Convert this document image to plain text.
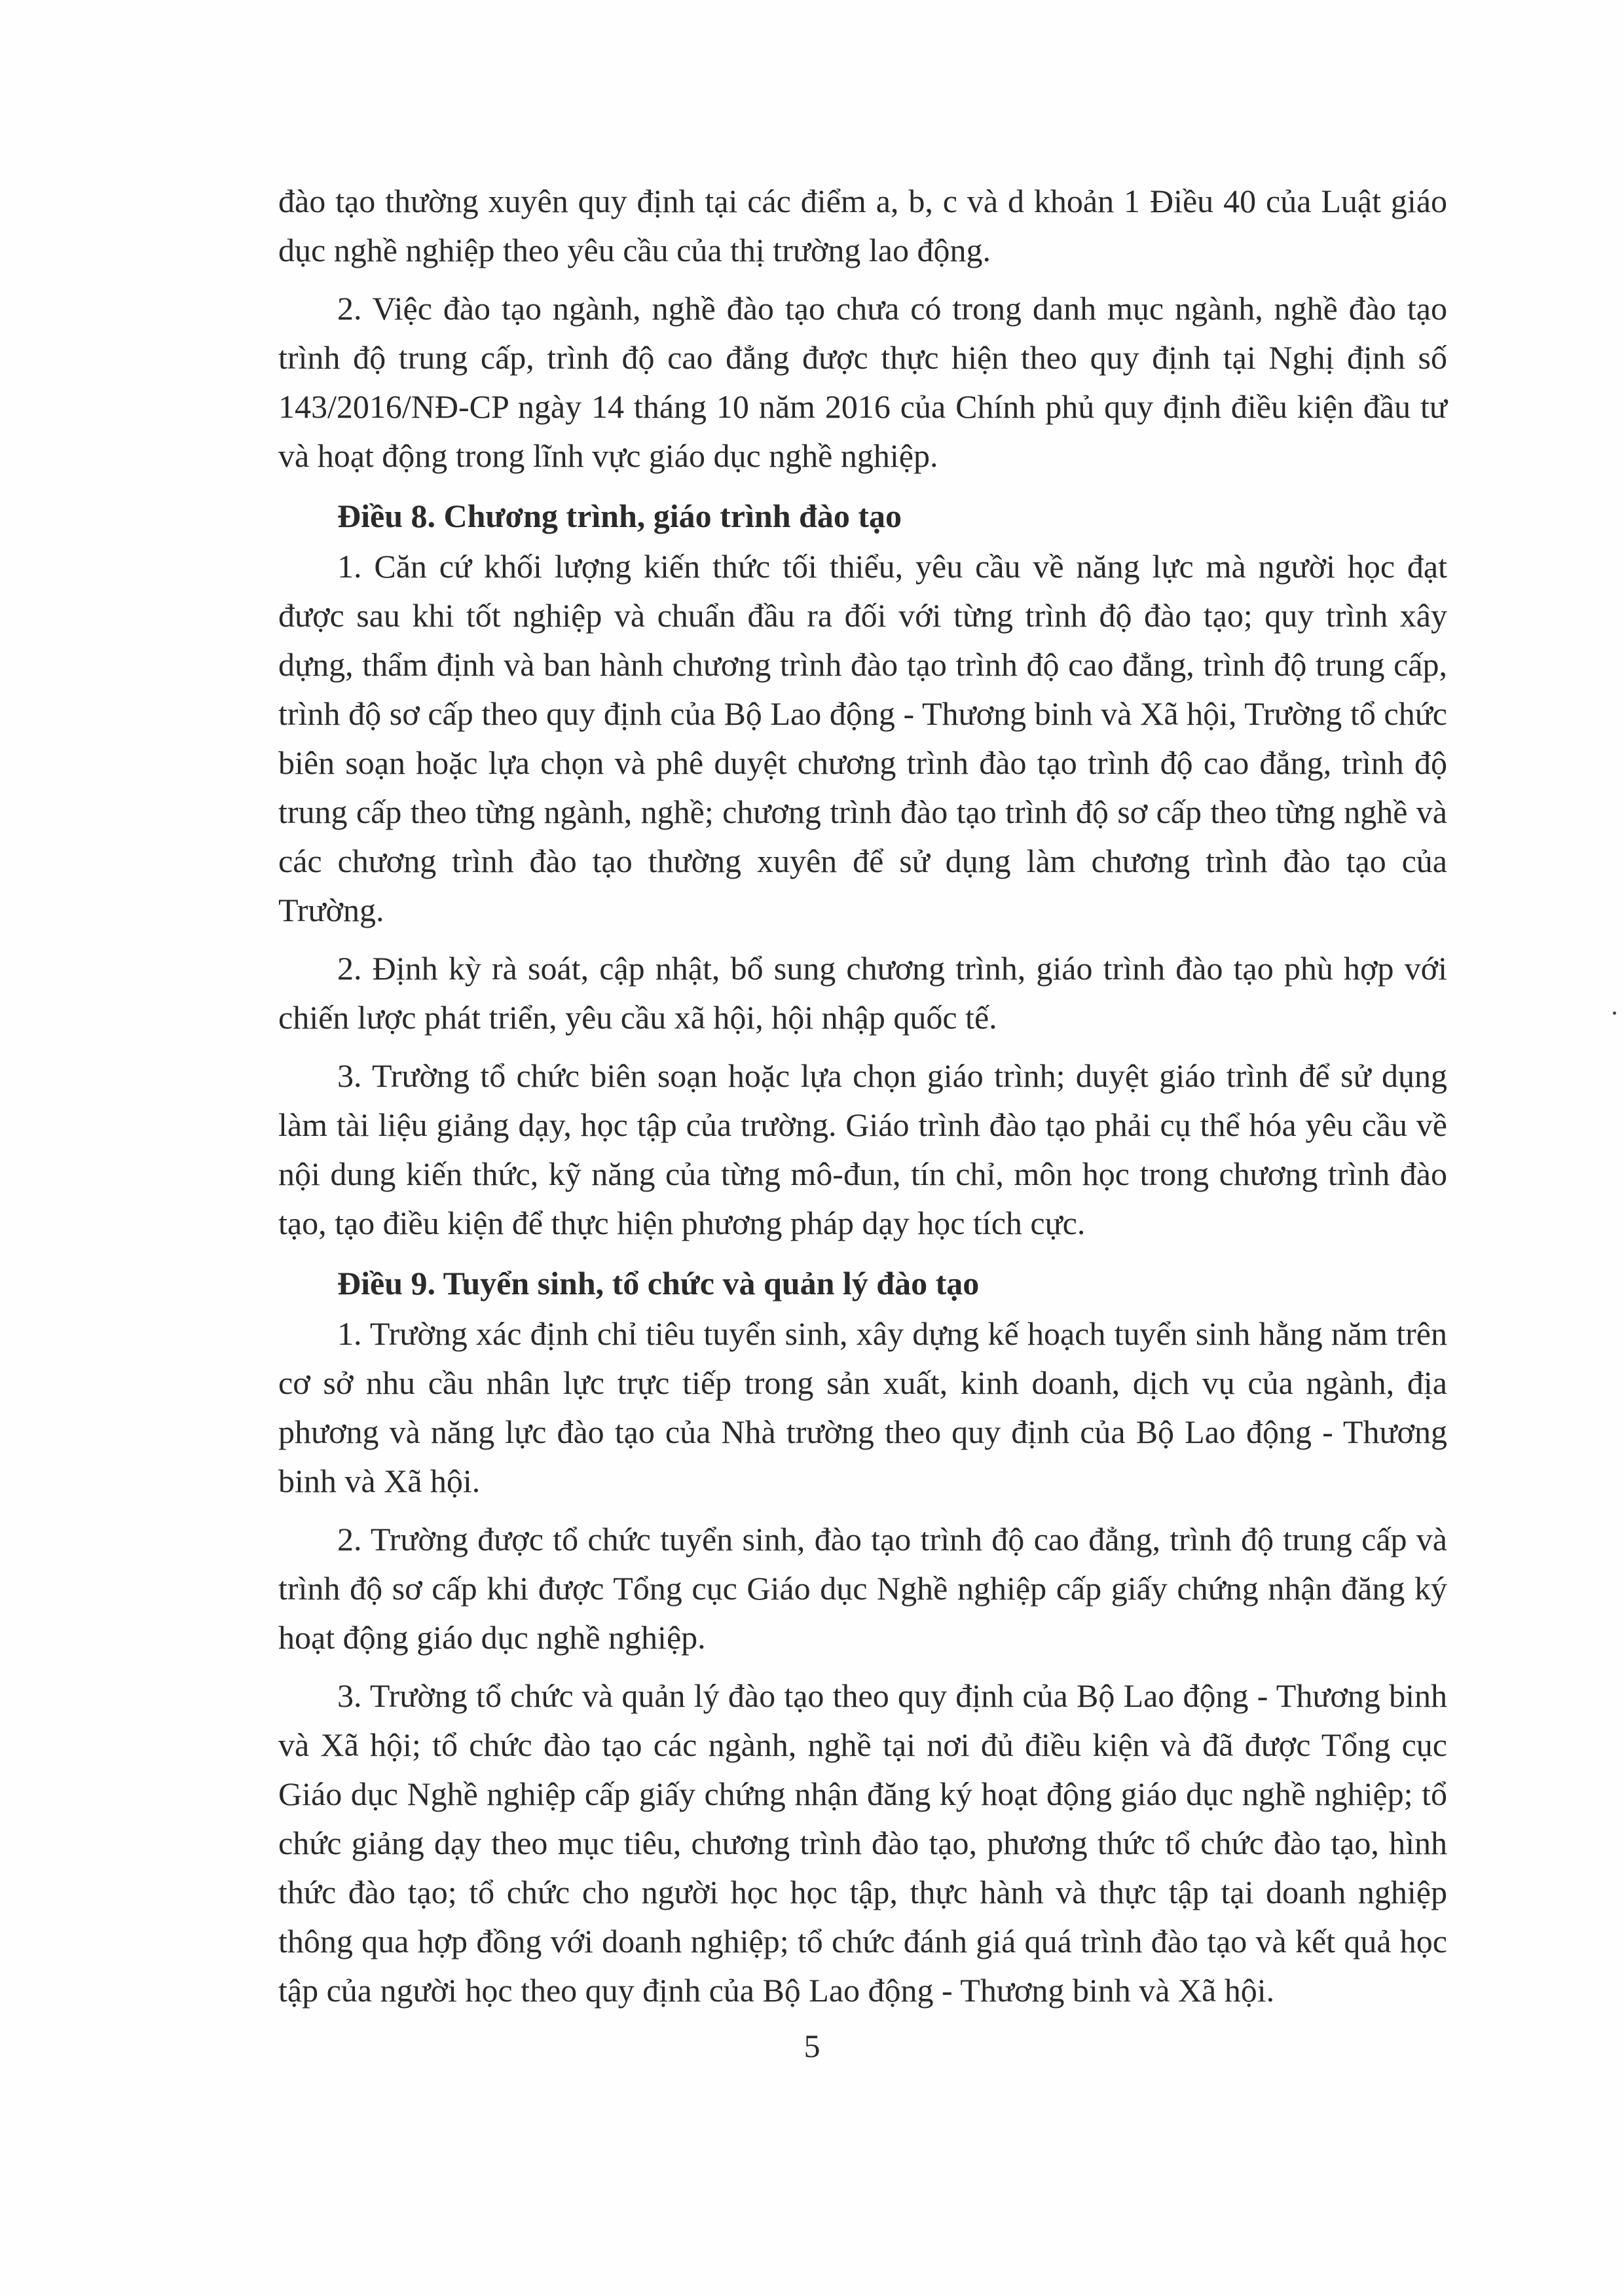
đào tạo thường xuyên quy định tại các điểm a, b, c và d khoản 1 Điều 40 của Luật giáo dục nghề nghiệp theo yêu cầu của thị trường lao động.

2. Việc đào tạo ngành, nghề đào tạo chưa có trong danh mục ngành, nghề đào tạo trình độ trung cấp, trình độ cao đẳng được thực hiện theo quy định tại Nghị định số 143/2016/NĐ-CP ngày 14 tháng 10 năm 2016 của Chính phủ quy định điều kiện đầu tư và hoạt động trong lĩnh vực giáo dục nghề nghiệp.

Điều 8. Chương trình, giáo trình đào tạo

1. Căn cứ khối lượng kiến thức tối thiểu, yêu cầu về năng lực mà người học đạt được sau khi tốt nghiệp và chuẩn đầu ra đối với từng trình độ đào tạo; quy trình xây dựng, thẩm định và ban hành chương trình đào tạo trình độ cao đẳng, trình độ trung cấp, trình độ sơ cấp theo quy định của Bộ Lao động - Thương binh và Xã hội, Trường tổ chức biên soạn hoặc lựa chọn và phê duyệt chương trình đào tạo trình độ cao đẳng, trình độ trung cấp theo từng ngành, nghề; chương trình đào tạo trình độ sơ cấp theo từng nghề và các chương trình đào tạo thường xuyên để sử dụng làm chương trình đào tạo của Trường.

2. Định kỳ rà soát, cập nhật, bổ sung chương trình, giáo trình đào tạo phù hợp với chiến lược phát triển, yêu cầu xã hội, hội nhập quốc tế.

3. Trường tổ chức biên soạn hoặc lựa chọn giáo trình; duyệt giáo trình để sử dụng làm tài liệu giảng dạy, học tập của trường. Giáo trình đào tạo phải cụ thể hóa yêu cầu về nội dung kiến thức, kỹ năng của từng mô-đun, tín chỉ, môn học trong chương trình đào tạo, tạo điều kiện để thực hiện phương pháp dạy học tích cực.

Điều 9. Tuyển sinh, tổ chức và quản lý đào tạo

1. Trường xác định chỉ tiêu tuyển sinh, xây dựng kế hoạch tuyển sinh hằng năm trên cơ sở nhu cầu nhân lực trực tiếp trong sản xuất, kinh doanh, dịch vụ của ngành, địa phương và năng lực đào tạo của Nhà trường theo quy định của Bộ Lao động - Thương binh và Xã hội.

2. Trường được tổ chức tuyển sinh, đào tạo trình độ cao đẳng, trình độ trung cấp và trình độ sơ cấp khi được Tổng cục Giáo dục Nghề nghiệp cấp giấy chứng nhận đăng ký hoạt động giáo dục nghề nghiệp.

3. Trường tổ chức và quản lý đào tạo theo quy định của Bộ Lao động - Thương binh và Xã hội; tổ chức đào tạo các ngành, nghề tại nơi đủ điều kiện và đã được Tổng cục Giáo dục Nghề nghiệp cấp giấy chứng nhận đăng ký hoạt động giáo dục nghề nghiệp; tổ chức giảng dạy theo mục tiêu, chương trình đào tạo, phương thức tổ chức đào tạo, hình thức đào tạo; tổ chức cho người học học tập, thực hành và thực tập tại doanh nghiệp thông qua hợp đồng với doanh nghiệp; tổ chức đánh giá quá trình đào tạo và kết quả học tập của người học theo quy định của Bộ Lao động - Thương binh và Xã hội.

5
